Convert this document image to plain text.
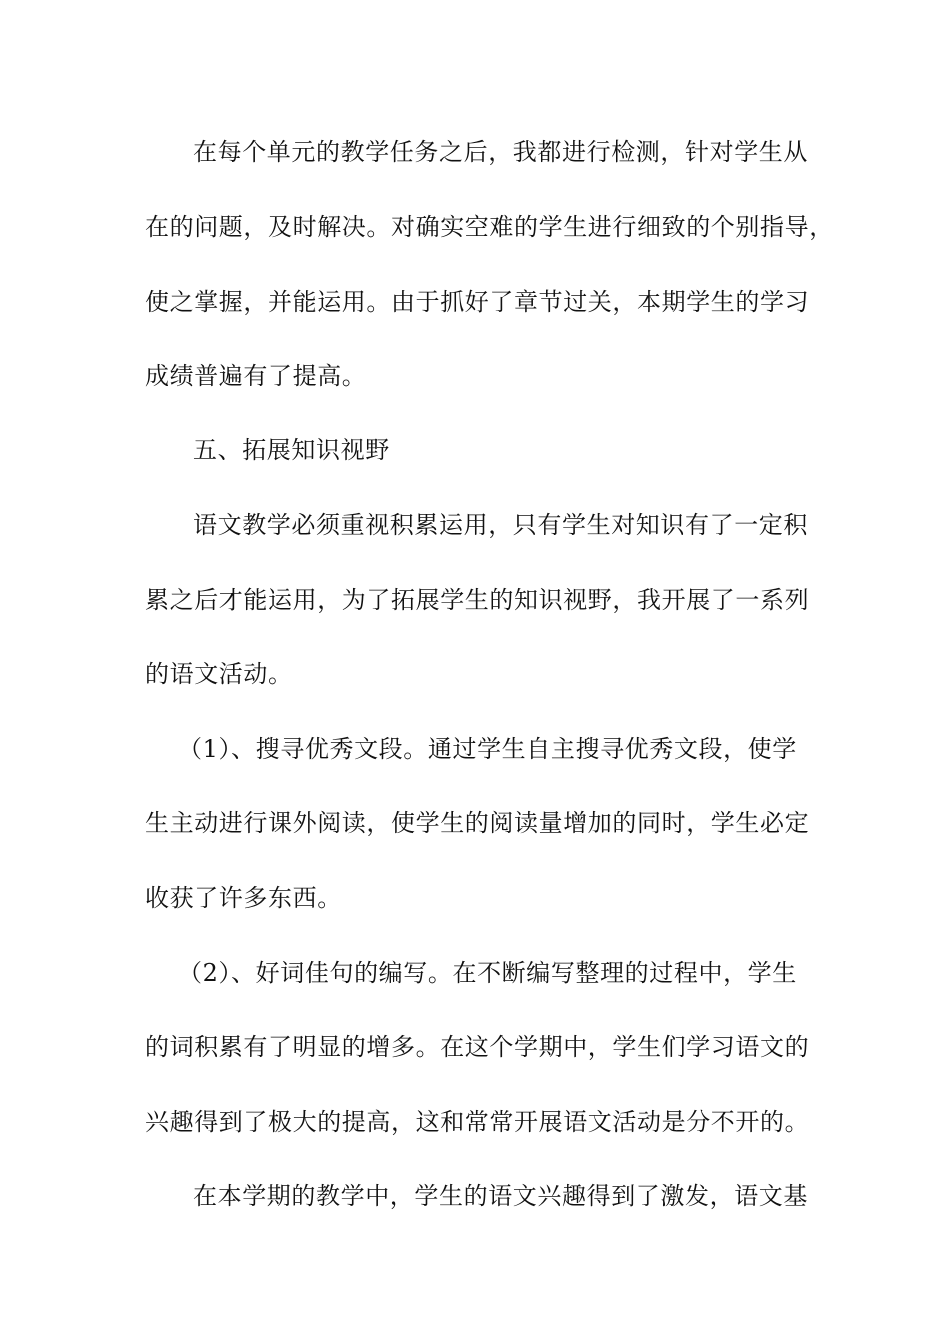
在每个单元的教学任务之后，我都进行检测，针对学生从
在的问题，及时解决。对确实空难的学生进行细致的个别指导，
使之掌握，并能运用。由于抓好了章节过关，本期学生的学习
成绩普遍有了提高。
五、拓展知识视野
语文教学必须重视积累运用，只有学生对知识有了一定积
累之后才能运用，为了拓展学生的知识视野，我开展了一系列
的语文活动。
（1）、搜寻优秀文段。通过学生自主搜寻优秀文段，使学
生主动进行课外阅读，使学生的阅读量增加的同时，学生必定
收获了许多东西。
（2）、好词佳句的编写。在不断编写整理的过程中，学生
的词积累有了明显的增多。在这个学期中，学生们学习语文的
兴趣得到了极大的提高，这和常常开展语文活动是分不开的。
在本学期的教学中，学生的语文兴趣得到了激发，语文基
